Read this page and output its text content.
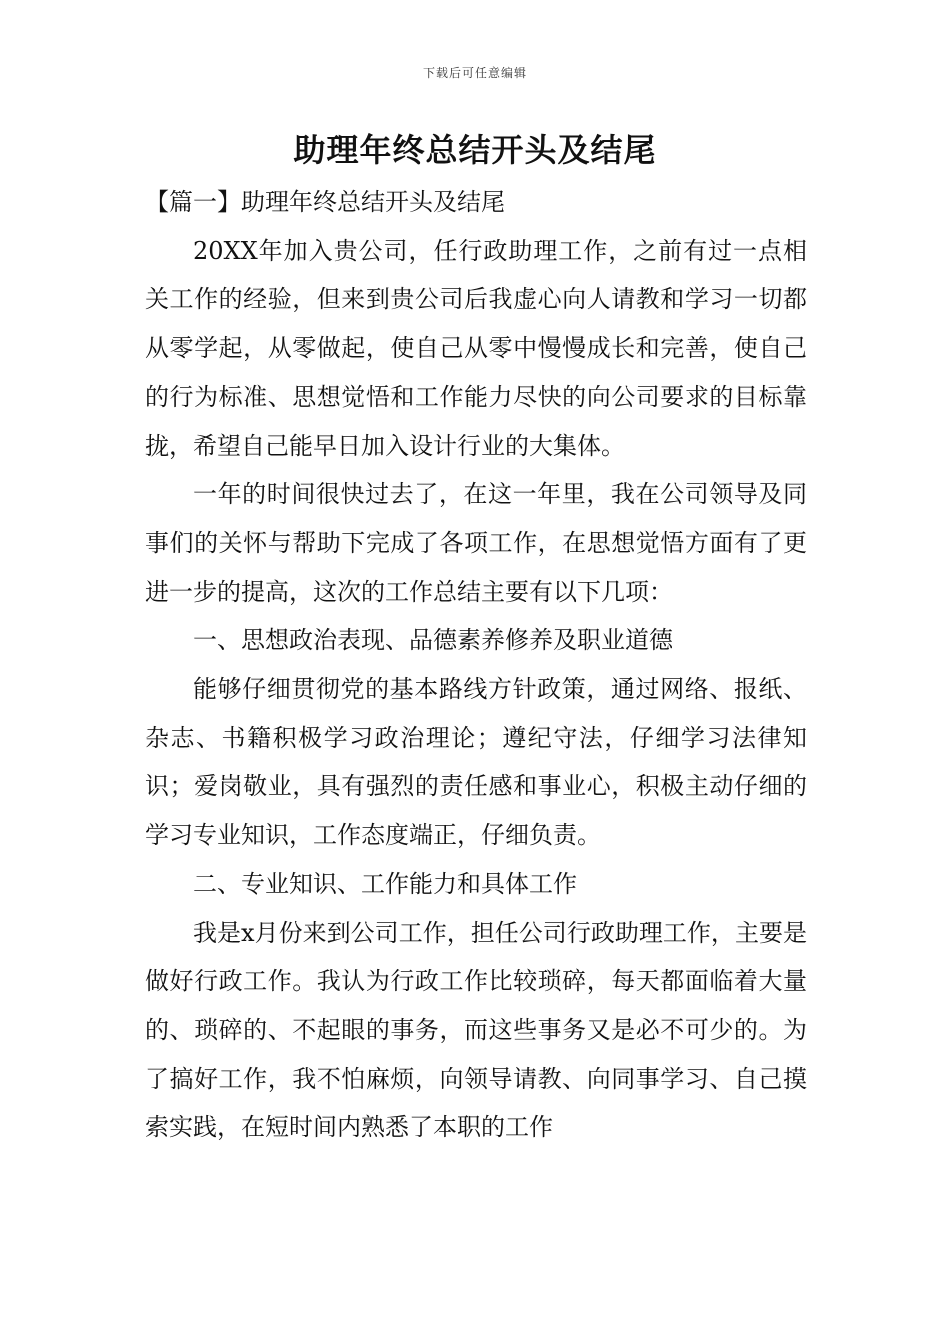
下载后可任意编辑
助理年终总结开头及结尾

【篇一】助理年终总结开头及结尾

20XX年加入贵公司，任行政助理工作，之前有过一点相关工作的经验，但来到贵公司后我虚心向人请教和学习一切都从零学起，从零做起，使自己从零中慢慢成长和完善，使自己的行为标准、思想觉悟和工作能力尽快的向公司要求的目标靠拢，希望自己能早日加入设计行业的大集体。

一年的时间很快过去了，在这一年里，我在公司领导及同事们的关怀与帮助下完成了各项工作，在思想觉悟方面有了更进一步的提高，这次的工作总结主要有以下几项：

一、思想政治表现、品德素养修养及职业道德

能够仔细贯彻党的基本路线方针政策，通过网络、报纸、杂志、书籍积极学习政治理论；遵纪守法，仔细学习法律知识；爱岗敬业，具有强烈的责任感和事业心，积极主动仔细的学习专业知识，工作态度端正，仔细负责。

二、专业知识、工作能力和具体工作

我是x月份来到公司工作，担任公司行政助理工作，主要是做好行政工作。我认为行政工作比较琐碎，每天都面临着大量的、琐碎的、不起眼的事务，而这些事务又是必不可少的。为了搞好工作，我不怕麻烦，向领导请教、向同事学习、自己摸索实践，在短时间内熟悉了本职的工作
